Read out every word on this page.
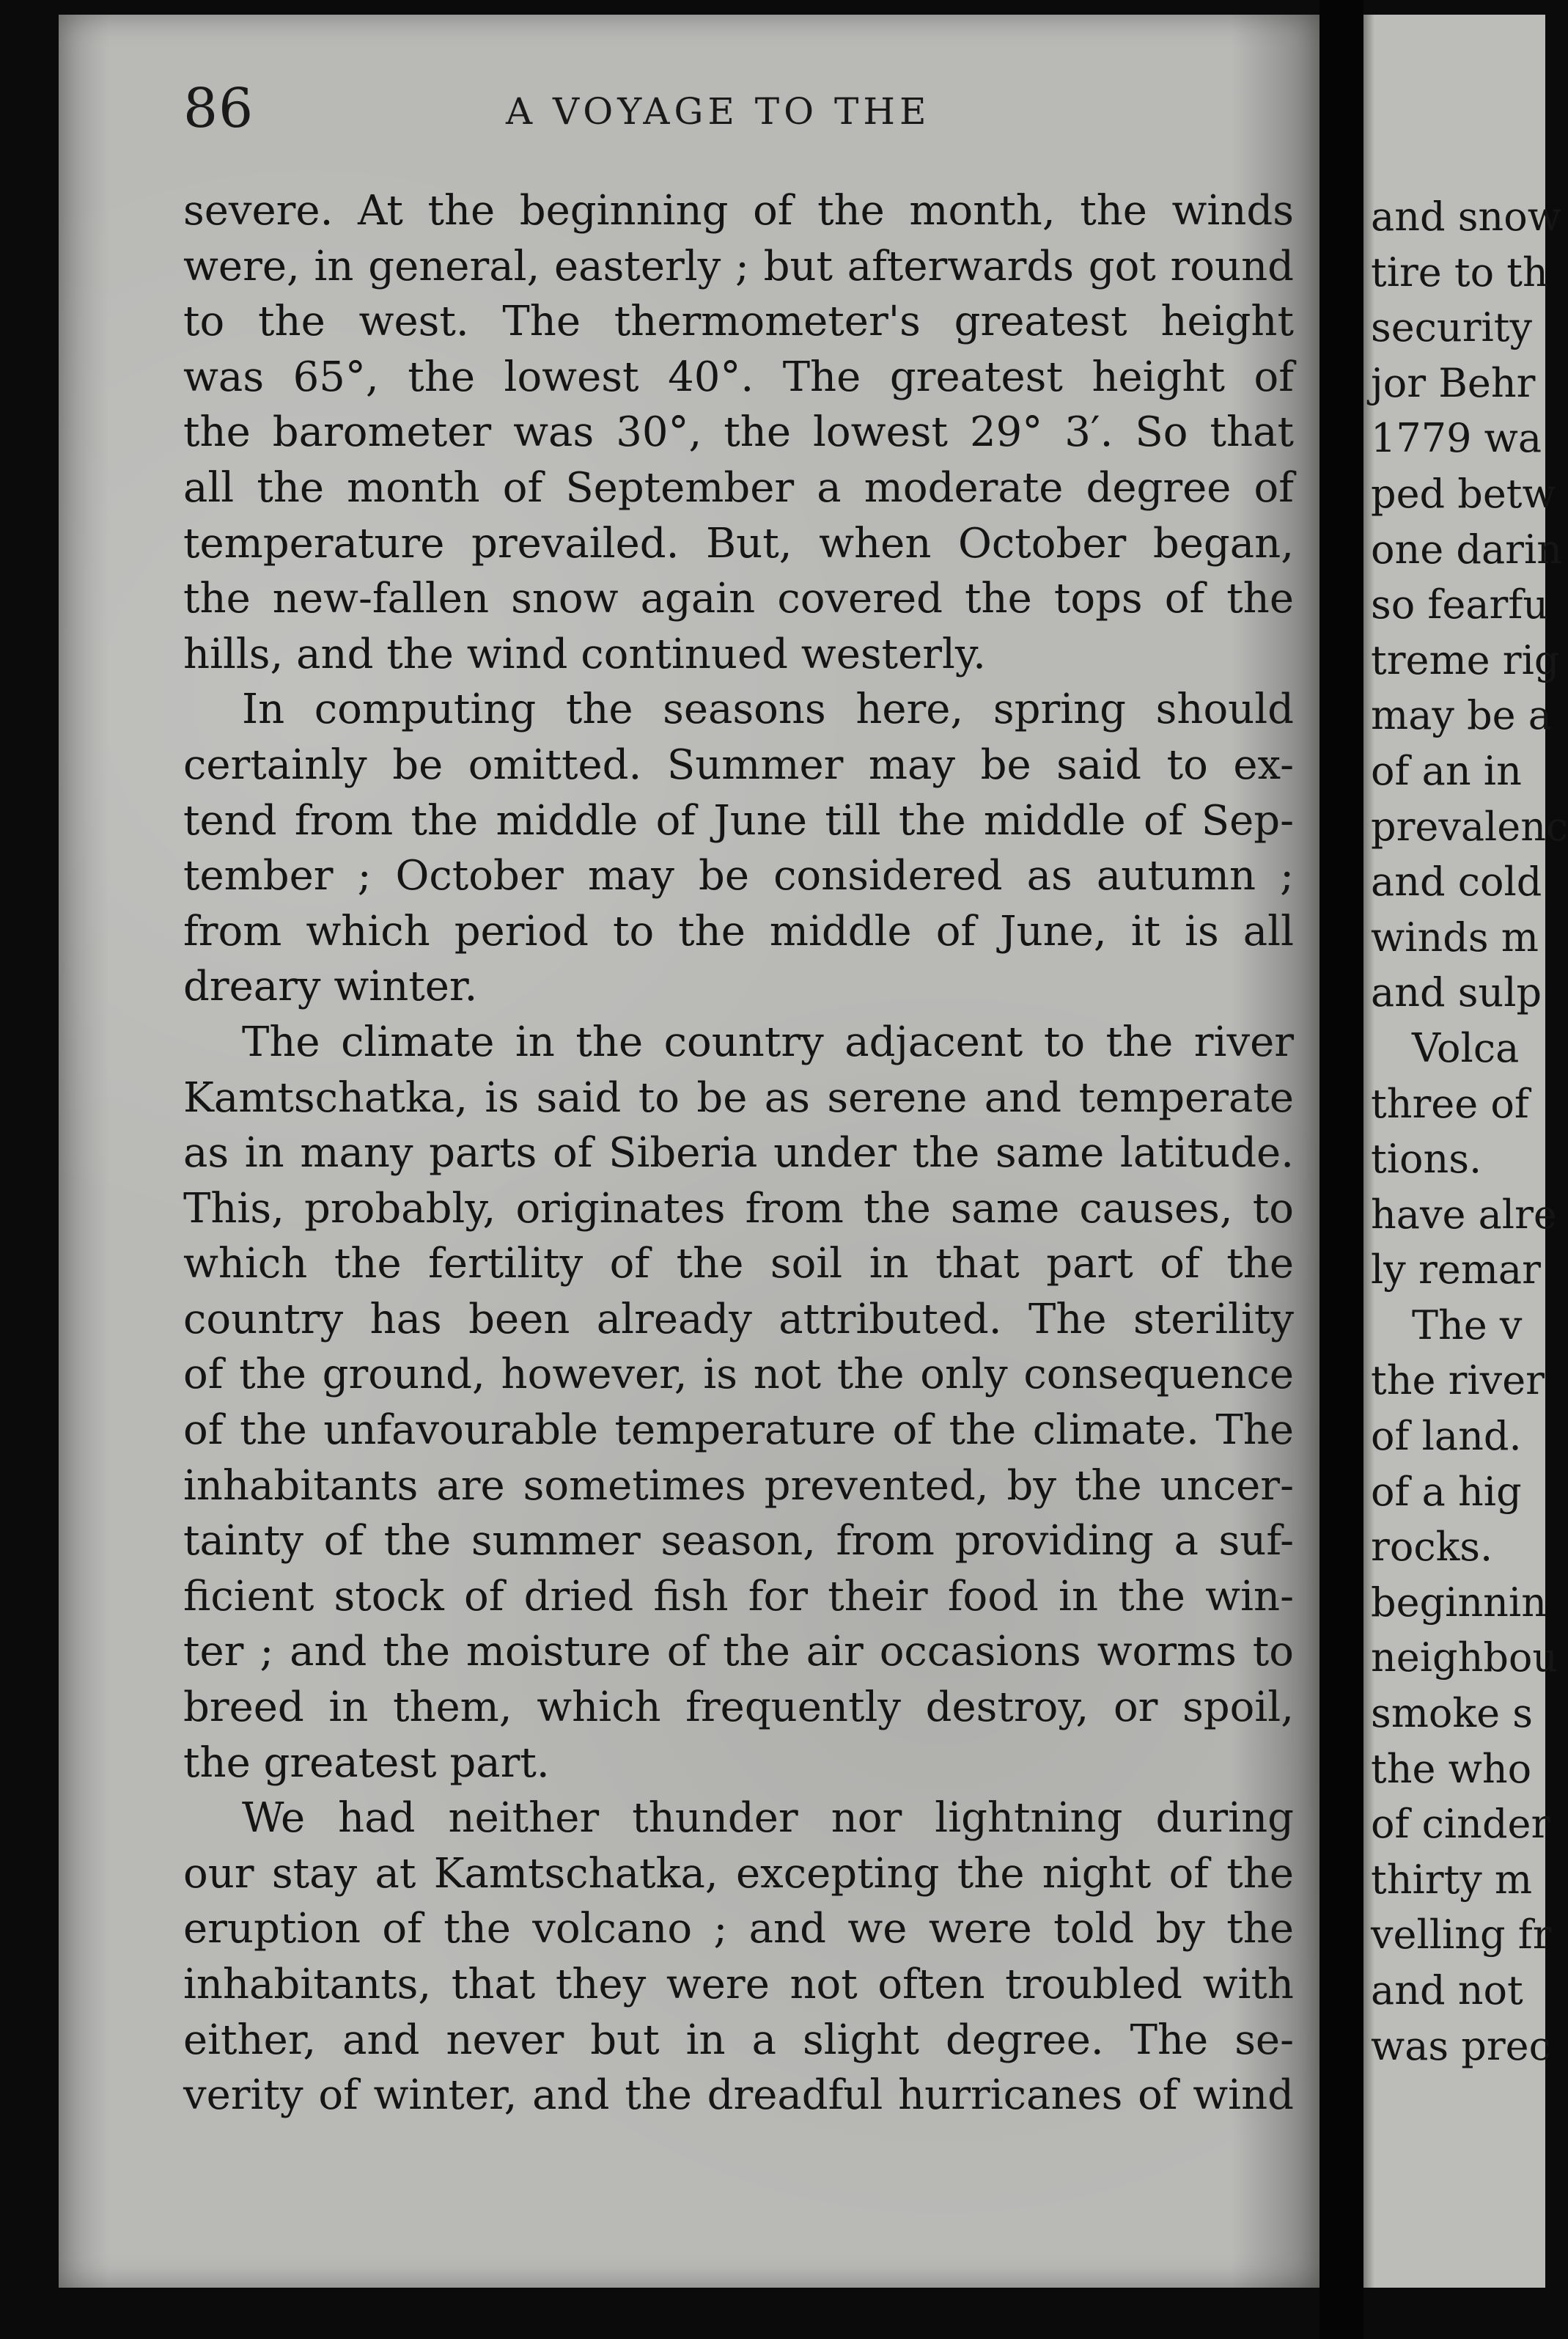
86	A VOYAGE TO THE
severe. At the beginning of the month, the winds
were, in general, easterly ; but afterwards got round
to the west. The thermometer's greatest height
was 65°, the lowest 40°. The greatest height of
the barometer was 30°, the lowest 29° 3′. So that
all the month of September a moderate degree of
temperature prevailed. But, when October began,
the new-fallen snow again covered the tops of the
hills, and the wind continued westerly.
In computing the seasons here, spring should
certainly be omitted. Summer may be said to ex-
tend from the middle of June till the middle of Sep-
tember ; October may be considered as autumn ;
from which period to the middle of June, it is all
dreary winter.
The climate in the country adjacent to the river
Kamtschatka, is said to be as serene and temperate
as in many parts of Siberia under the same latitude.
This, probably, originates from the same causes, to
which the fertility of the soil in that part of the
country has been already attributed. The sterility
of the ground, however, is not the only consequence
of the unfavourable temperature of the climate. The
inhabitants are sometimes prevented, by the uncer-
tainty of the summer season, from providing a suf-
ficient stock of dried fish for their food in the win-
ter ; and the moisture of the air occasions worms to
breed in them, which frequently destroy, or spoil,
the greatest part.
We had neither thunder nor lightning during
our stay at Kamtschatka, excepting the night of the
eruption of the volcano ; and we were told by the
inhabitants, that they were not often troubled with
either, and never but in a slight degree. The se-
verity of winter, and the dreadful hurricanes of wind
and snow
tire to th
security
jor Behr
1779 wa
ped betw
one darin
so fearfu
treme rig
may be a
of an in
prevalenc
and cold
winds m
and sulp
Volca
three of
tions.
have alre
ly remar
The v
the river
of land.
of a hig
rocks.
beginnin
neighbou
smoke s
the who
of cinder
thirty m
velling fr
and not
was prec
